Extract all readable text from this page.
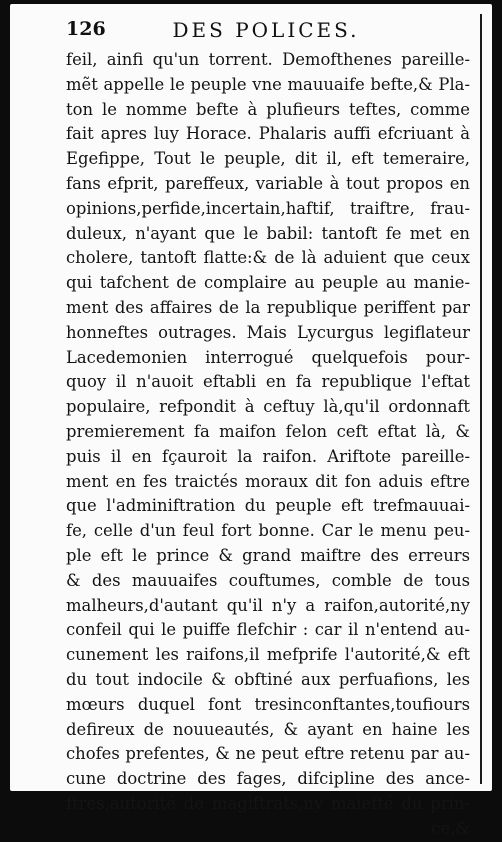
126	DES POLICES.
feil, ainfi qu'un torrent. Demofthenes pareille-
mẽt appelle le peuple vne mauuaife befte,& Pla-
ton le nomme befte à plufieurs teftes, comme
fait apres luy Horace. Phalaris auffi efcriuant à
Egefippe, Tout le peuple, dit il, eft temeraire,
fans efprit, pareffeux, variable à tout propos en
opinions,perfide,incertain,haftif, traiftre, frau-
duleux, n'ayant que le babil: tantoft fe met en
cholere, tantoft flatte:& de là aduient que ceux
qui tafchent de complaire au peuple au manie-
ment des affaires de la republique periffent par
honneftes outrages. Mais Lycurgus legiflateur
Lacedemonien interrogué quelquefois pour-
quoy il n'auoit eftabli en fa republique l'eftat
populaire, refpondit à ceftuy là,qu'il ordonnaft
premierement fa maifon felon ceft eftat là, &
puis il en fçauroit la raifon. Ariftote pareille-
ment en fes traictés moraux dit fon aduis eftre
que l'adminiftration du peuple eft trefmauuai-
fe, celle d'un feul fort bonne. Car le menu peu-
ple eft le prince & grand maiftre des erreurs
& des mauuaifes couftumes, comble de tous
malheurs,d'autant qu'il n'y a raifon,autorité,ny
confeil qui le puiffe flefchir : car il n'entend au-
cunement les raifons,il mefprife l'autorité,& eft
du tout indocile & obftiné aux perfuafions, les
mœurs duquel font tresinconftantes,toufiours
defireux de nouueautés, & ayant en haine les
chofes prefentes, & ne peut eftre retenu par au-
cune doctrine des fages, difcipline des ance-
ftres,autorité de magiftrats,ny maiefté du prin-
ce,&
